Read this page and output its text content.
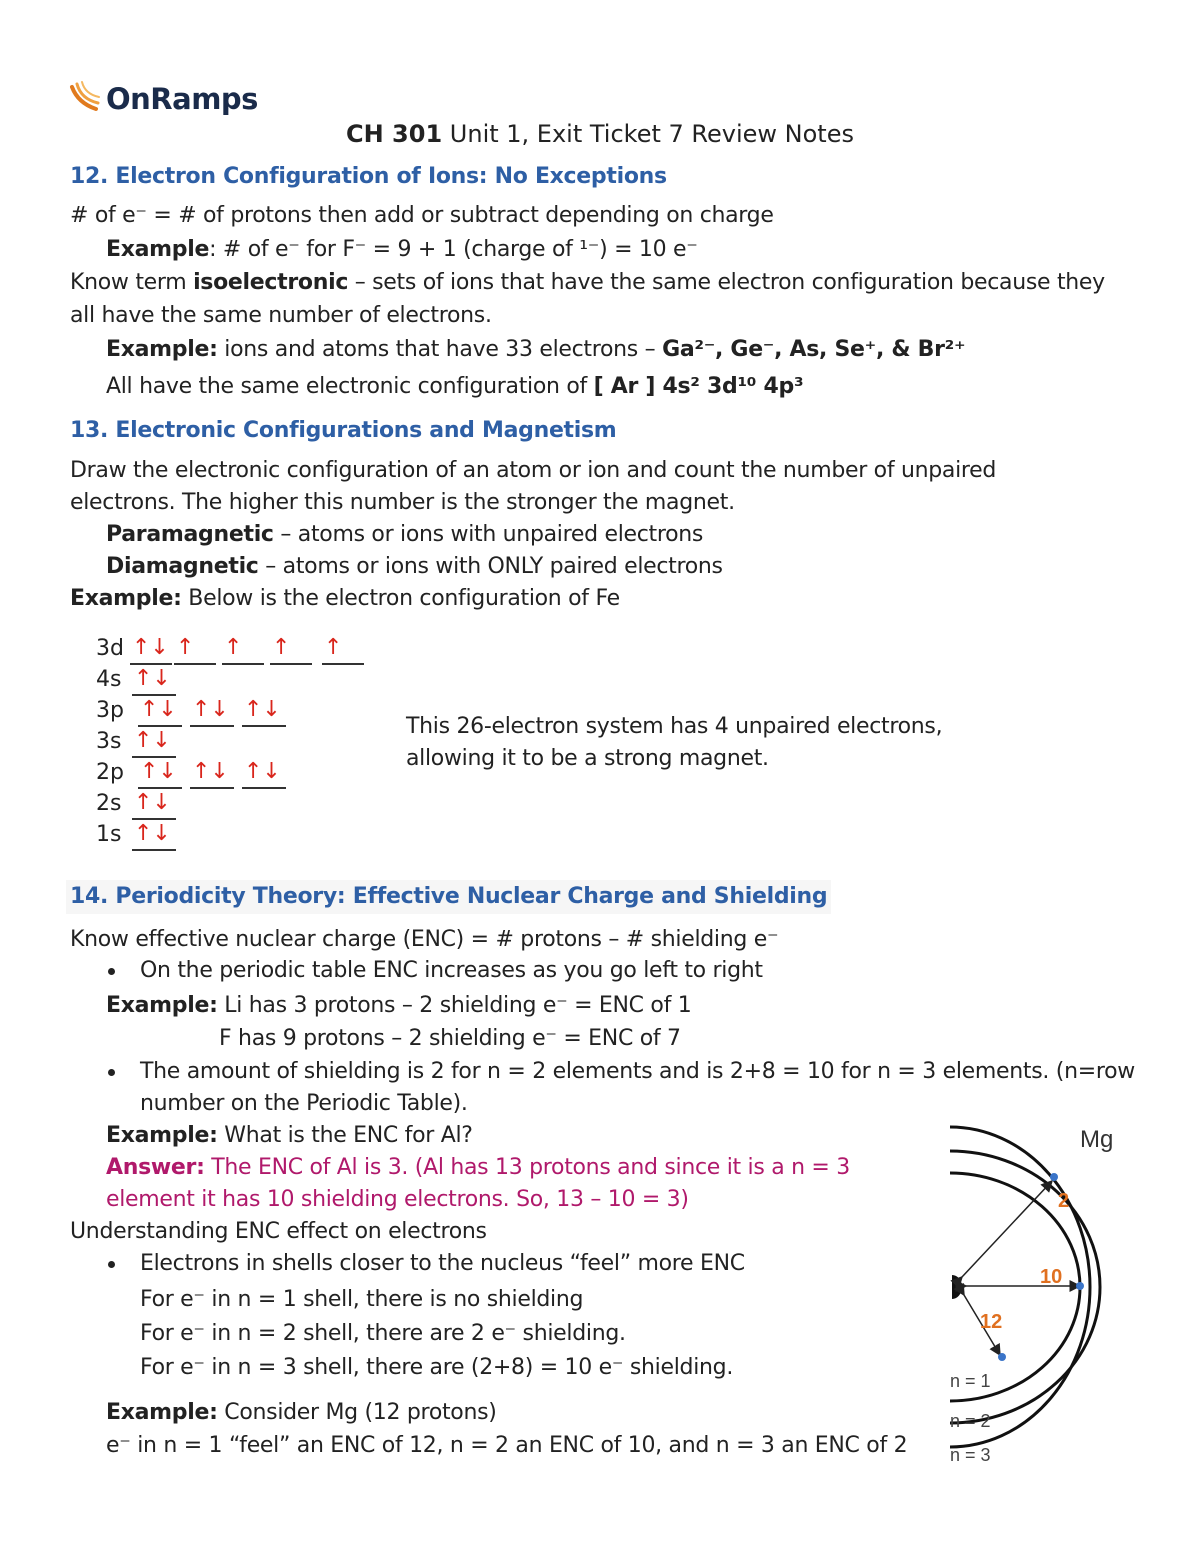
OnRamps
CH 301 Unit 1, Exit Ticket 7 Review Notes
12. Electron Configuration of Ions: No Exceptions
# of e⁻ = # of protons then add or subtract depending on charge
Example: # of e⁻ for F⁻ = 9 + 1 (charge of ¹⁻) = 10 e⁻
Know term isoelectronic – sets of ions that have the same electron configuration because they
all have the same number of electrons.
Example: ions and atoms that have 33 electrons – Ga²⁻, Ge⁻, As, Se⁺, & Br²⁺
All have the same electronic configuration of [ Ar ] 4s² 3d¹⁰ 4p³
13. Electronic Configurations and Magnetism
Draw the electronic configuration of an atom or ion and count the number of unpaired
electrons. The higher this number is the stronger the magnet.
Paramagnetic – atoms or ions with unpaired electrons
Diamagnetic – atoms or ions with ONLY paired electrons
Example: Below is the electron configuration of Fe
3d ↑↓ ↑ ↑ ↑ ↑
4s ↑↓
3p ↑↓ ↑↓ ↑↓
3s ↑↓
2p ↑↓ ↑↓ ↑↓
2s ↑↓
1s ↑↓
This 26-electron system has 4 unpaired electrons,
allowing it to be a strong magnet.
14. Periodicity Theory: Effective Nuclear Charge and Shielding
Know effective nuclear charge (ENC) = # protons – # shielding e⁻
On the periodic table ENC increases as you go left to right
Example: Li has 3 protons – 2 shielding e⁻ = ENC of 1
F has 9 protons – 2 shielding e⁻ = ENC of 7
The amount of shielding is 2 for n = 2 elements and is 2+8 = 10 for n = 3 elements. (n=row
number on the Periodic Table).
Example: What is the ENC for Al?
Answer: The ENC of Al is 3. (Al has 13 protons and since it is a n = 3
element it has 10 shielding electrons. So, 13 – 10 = 3)
Understanding ENC effect on electrons
Electrons in shells closer to the nucleus “feel” more ENC
For e⁻ in n = 1 shell, there is no shielding
For e⁻ in n = 2 shell, there are 2 e⁻ shielding.
For e⁻ in n = 3 shell, there are (2+8) = 10 e⁻ shielding.
Example: Consider Mg (12 protons)
e⁻ in n = 1 “feel” an ENC of 12, n = 2 an ENC of 10, and n = 3 an ENC of 2
2
10
12
Mg
n = 1
n = 2
n = 3
